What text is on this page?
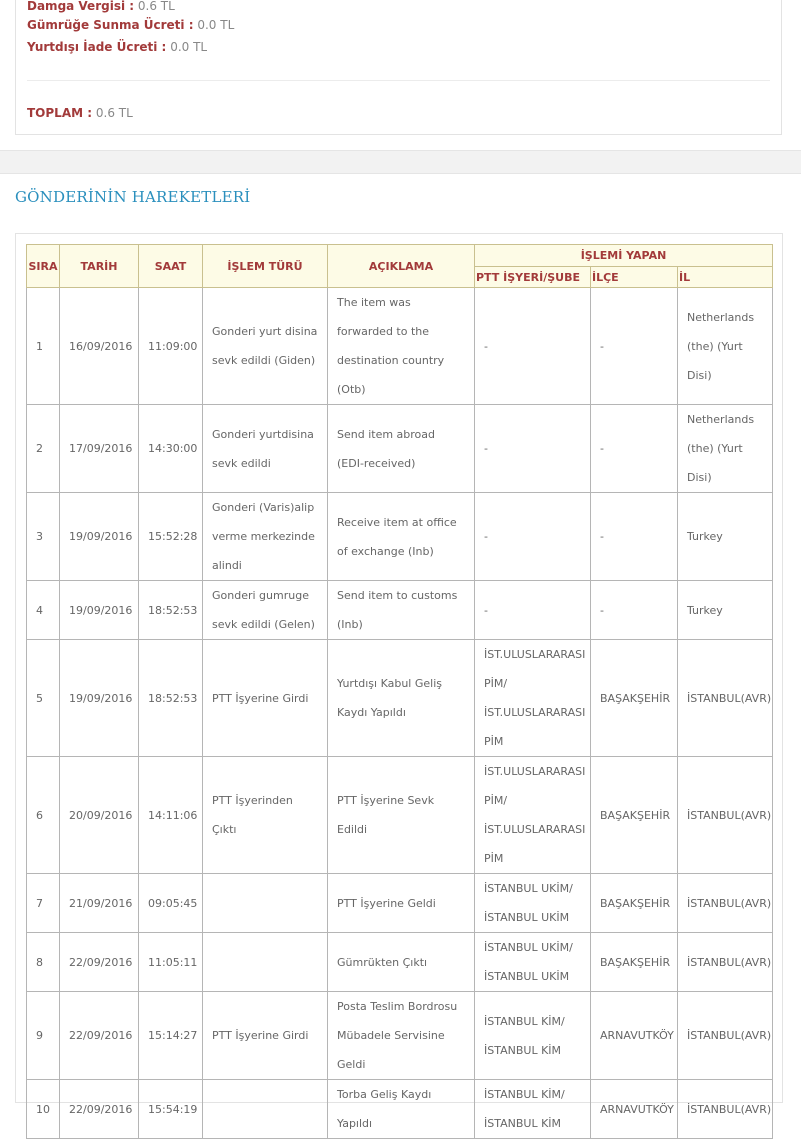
Damga Vergisi : 0.6 TL
Gümrüğe Sunma Ücreti : 0.0 TL
Yurtdışı İade Ücreti : 0.0 TL
TOPLAM : 0.6 TL
GÖNDERİNİN HAREKETLERİ
SIRA	TARİH	SAAT	İŞLEM TÜRÜ	AÇIKLAMA	İŞLEMİ YAPAN		
					PTT İŞYERİ/ŞUBE	İLÇE	İL
1	16/09/2016	11:09:00	Gonderi yurt disina sevk edildi (Giden)	The item was forwarded to the destination country (Otb)	-	-	Netherlands (the) (Yurt Disi)
2	17/09/2016	14:30:00	Gonderi yurtdisina sevk edildi	Send item abroad (EDI-received)	-	-	Netherlands (the) (Yurt Disi)
3	19/09/2016	15:52:28	Gonderi (Varis)alip verme merkezinde alindi	Receive item at office of exchange (Inb)	-	-	Turkey
4	19/09/2016	18:52:53	Gonderi gumruge sevk edildi (Gelen)	Send item to customs (Inb)	-	-	Turkey
5	19/09/2016	18:52:53	PTT İşyerine Girdi	Yurtdışı Kabul Geliş Kaydı Yapıldı	İST.ULUSLARARASI PİM/ İST.ULUSLARARASI PİM	BAŞAKŞEHİR	İSTANBUL(AVR)
6	20/09/2016	14:11:06	PTT İşyerinden Çıktı	PTT İşyerine Sevk Edildi	İST.ULUSLARARASI PİM/ İST.ULUSLARARASI PİM	BAŞAKŞEHİR	İSTANBUL(AVR)
7	21/09/2016	09:05:45		PTT İşyerine Geldi	İSTANBUL UKİM/ İSTANBUL UKİM	BAŞAKŞEHİR	İSTANBUL(AVR)
8	22/09/2016	11:05:11		Gümrükten Çıktı	İSTANBUL UKİM/ İSTANBUL UKİM	BAŞAKŞEHİR	İSTANBUL(AVR)
9	22/09/2016	15:14:27	PTT İşyerine Girdi	Posta Teslim Bordrosu Mübadele Servisine Geldi	İSTANBUL KİM/ İSTANBUL KİM	ARNAVUTKÖY	İSTANBUL(AVR)
10	22/09/2016	15:54:19		Torba Geliş Kaydı Yapıldı	İSTANBUL KİM/ İSTANBUL KİM	ARNAVUTKÖY	İSTANBUL(AVR)
